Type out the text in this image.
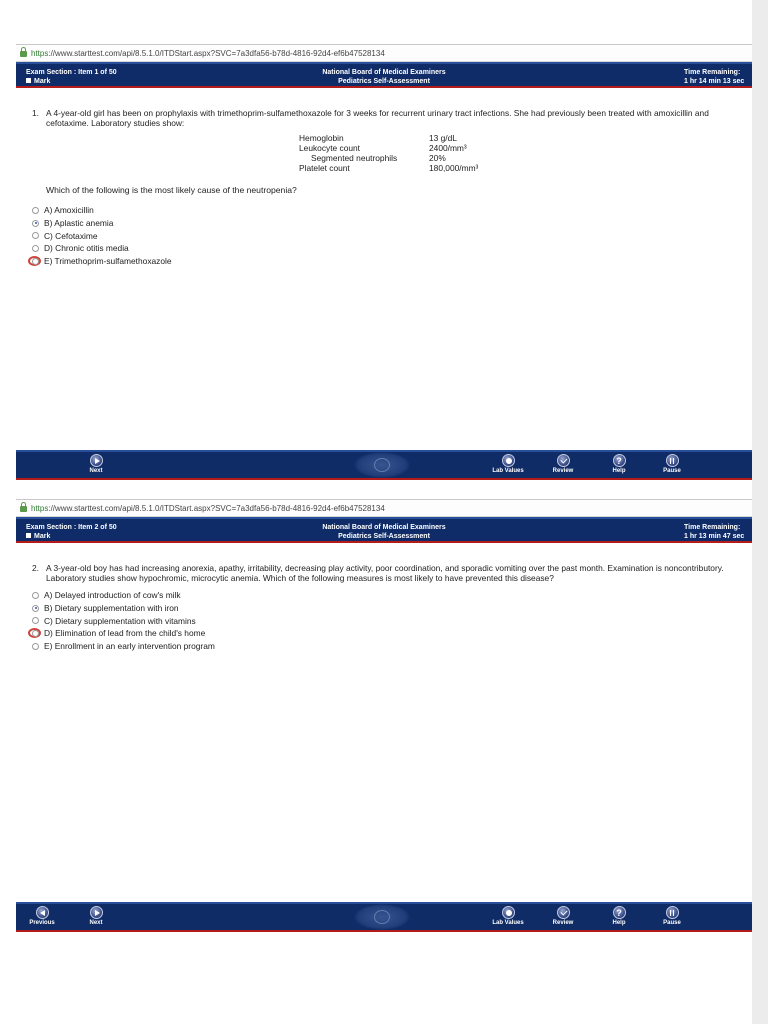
https ://www.starttest.com/api/8.5.1.0/ITDStart.aspx?SVC=7a3dfa56-b78d-4816-92d4-ef6b47528134
Exam Section : Item 1 of 50
Mark
National Board of Medical Examiners
Pediatrics Self-Assessment
Time Remaining:
1 hr 14 min 13 sec
1. A 4-year-old girl has been on prophylaxis with trimethoprim-sulfamethoxazole for 3 weeks for recurrent urinary tract infections. She had previously been treated with amoxicillin and cefotaxime. Laboratory studies show:
Hemoglobin	13 g/dL
Leukocyte count	2400/mm³
Segmented neutrophils	20%
Platelet count	180,000/mm³
Which of the following is the most likely cause of the neutropenia?
A) Amoxicillin
B) Aplastic anemia
C) Cefotaxime
D) Chronic otitis media
E) Trimethoprim-sulfamethoxazole
Next	Lab Values	Review
?	Help	Pause
https ://www.starttest.com/api/8.5.1.0/ITDStart.aspx?SVC=7a3dfa56-b78d-4816-92d4-ef6b47528134
Exam Section : Item 2 of 50
Mark
National Board of Medical Examiners
Pediatrics Self-Assessment
Time Remaining:
1 hr 13 min 47 sec
2. A 3-year-old boy has had increasing anorexia, apathy, irritability, decreasing play activity, poor coordination, and sporadic vomiting over the past month. Examination is noncontributory. Laboratory studies show hypochromic, microcytic anemia. Which of the following measures is most likely to have prevented this disease?
A) Delayed introduction of cow's milk
B) Dietary supplementation with iron
C) Dietary supplementation with vitamins
D) Elimination of lead from the child's home
E) Enrollment in an early intervention program
Previous	Next	Lab Values	Review
?	Help	Pause
